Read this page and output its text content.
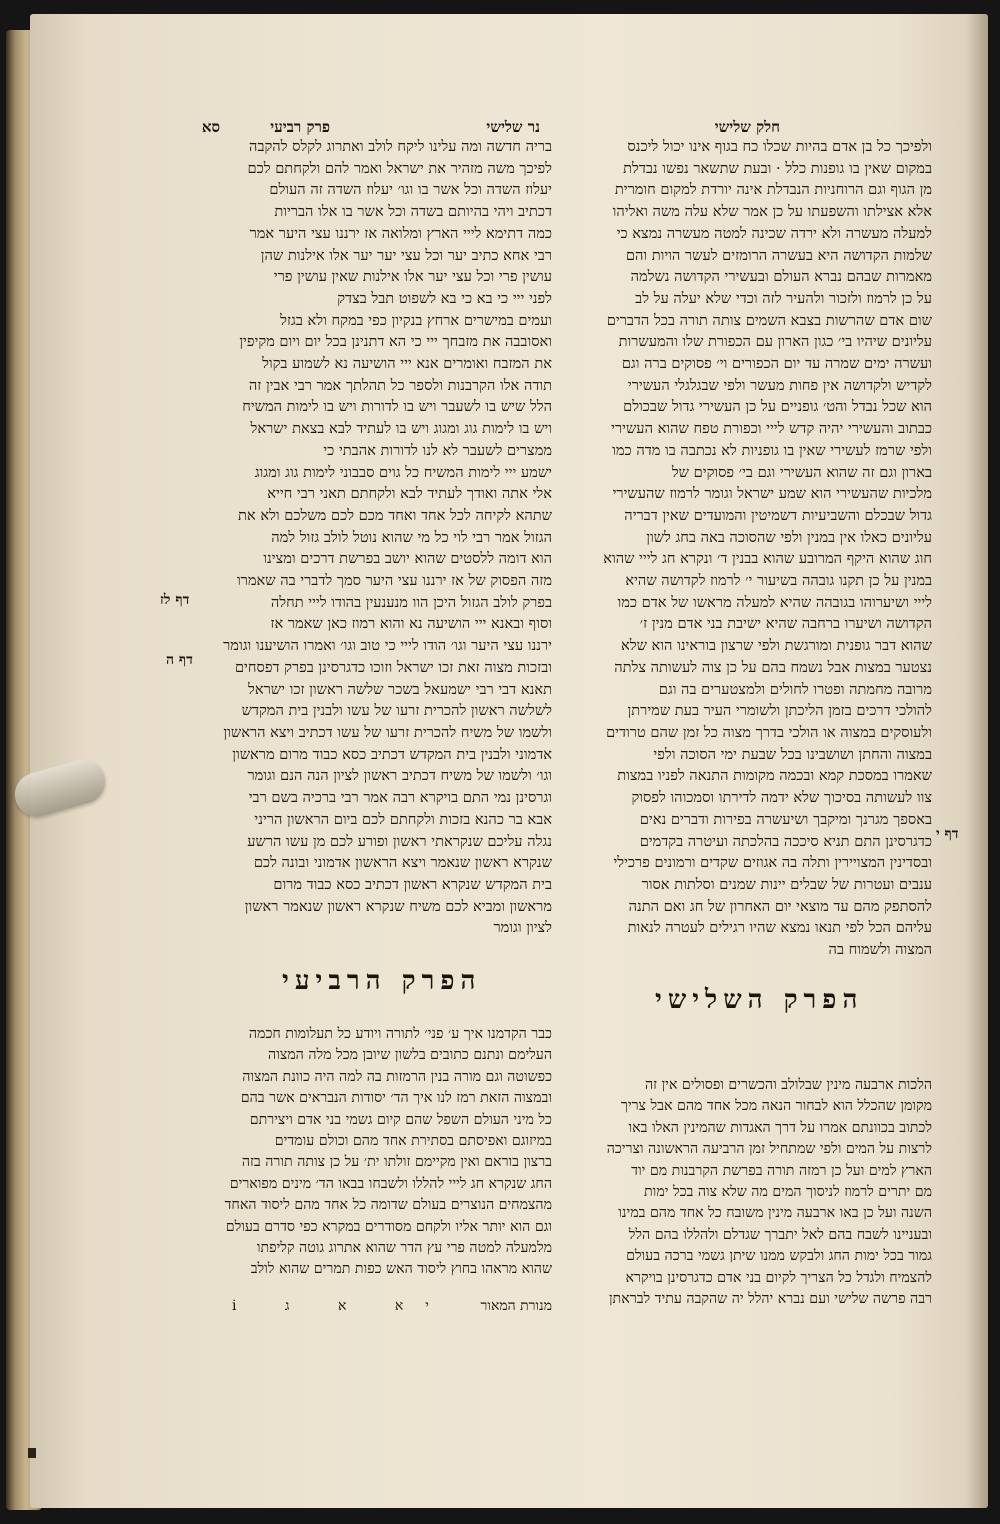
חלק שלישי
נר שלישי
פרק רביעי
סא
ולפיכך כל בן אדם בהיות שכלו כח בגוף אינו יכול ליכנס
במקום שאין בו גופנות כלל · ובעת שתשאר נפשו נבדלת
מן הגוף וגם הרוחניות הנבדלת אינה יורדת למקום חומרית
אלא אצילתו והשפעתו על כן אמר שלא עלה משה ואליהו
למעלה מעשרה ולא ירדה שכינה למטה מעשרה נמצא כי
שלמות הקדושה היא בעשרה הרומזים לעשר הויות והם
מאמרות שבהם נברא העולם ובעשירי הקדושה נשלמה
על כן לרמוז ולזכור ולהעיר לזה וכדי שלא יעלה על לב
שום אדם שהרשות בצבא השמים צותה תורה בכל הדברים
עליונים שיהיו בי׳ כגון הארון עם הכפורת שלו והמעשרות
ועשרה ימים שמרה עד יום הכפורים וי׳ פסוקים ברה וגם
לקדיש ולקדושה אין פחות מעשר ולפי שבגלגלי העשירי
הוא שכל נבדל והט׳ גופניים על כן העשירי גדול שבכולם
כבתוב והעשירי יהיה קדש לייי וכפורת טפח שהוא העשירי
ולפי שרמז לעשירי שאין בו גופניות לא נכתבה בו מדה כמו
בארון וגם זה שהוא העשירי וגם בי׳ פסוקים של
מלכיות שהעשירי הוא שמע ישראל וגומר לרמוז שהעשירי
גדול שבכלם והשביעיות דשמיטין והמועדים שאין דבריה
עליונים כאלו אין במנין ולפי שהסוכה באה בחג לשון
חוג שהוא היקף המרובע שהוא בבנין ד׳ ונקרא חג לייי שהוא
במנין על כן תקנו גובהה בשיעור י׳ לרמוז לקדושה שהיא
לייי ושיערוהו בגובהה שהיא למעלה מראשו של אדם כמו
הקדושה ושיערו ברחבה שהיא ישיבת בני אדם מנין ז׳
שהוא דבר גופנית ומורגשת ולפי שרצון בוראינו הוא שלא
נצטער במצות אבל נשמח בהם על כן צוה לעשותה צלתה
מרובה מחמתה ופטרו לחולים ולמצטערים בה וגם
להולכי דרכים בזמן הליכתן ולשומרי העיר בעת שמירתן
ולעוסקים במצוה או הולכי בדרך מצוה כל זמן שהם טרודים
במצוה והחתן ושושבינו בכל שבעת ימי הסוכה ולפי
שאמרו במסכת קמא ובכמה מקומות התנאה לפניו במצות
צוו לעשותה בסיכוך שלא ידמה לדירתו וסמכוהו לפסוק
באספך מגרנך ומיקבך ושיעשרה בפירות ודברים נאים
כדגרסינן התם תניא סיככה בהלכתה ועיטרה בקדמים
ובסדינין המצויירין ותלה בה אגוזים שקדים ורמונים פרכילי
ענבים ועטרות של שבלים יינות שמנים וסלתות אסור
להסתפק מהם עד מוצאי יום האחרון של חג ואם התנה
עליהם הכל לפי תנאו נמצא שהיו רגילים לעטרה לנאות
המצוה ולשמוח בה
בריה חדשה ומה עלינו ליקח לולב ואתרוג לקלס להקבה
לפיכך משה מזהיר את ישראל ואמר להם ולקחתם לכם
יעלוז השדה וכל אשר בו וגו׳ יעלוז השדה זה העולם
דכתיב ויהי בהיותם בשדה וכל אשר בו אלו הבריות
כמה דתימא לייי הארץ ומלואה אז ירננו עצי היער אמר
רבי אחא כתיב יער וכל עצי יער יער אלו אילנות שהן
עושין פרי וכל עצי יער אלו אילנות שאין עושין פרי
לפני ייי כי בא כי בא לשפוט תבל בצדק
ועמים במישרים ארחץ בנקיון כפי במקח ולא בגזל
ואסובבה את מזבחך ייי כי הא דתנינן בכל יום ויום מקיפין
את המזבח ואומרים אנא ייי הושיעה נא לשמוע בקול
תודה אלו הקרבנות ולספר כל תהלתך אמר רבי אבין זה
הלל שיש בו לשעבר ויש בו לדורות ויש בו לימות המשיח
ויש בו לימות גוג ומגוג ויש בו לעתיד לבא בצאת ישראל
ממצרים לשעבר לא לנו לדורות אהבתי כי
ישמע ייי לימות המשיח כל גוים סבבוני לימות גוג ומגוג
אלי אתה ואודך לעתיד לבא ולקחתם תאני רבי חייא
שתהא לקיחה לכל אחד ואחד מכם לכם משלכם ולא את
הגזול אמר רבי לוי כל מי שהוא נוטל לולב גזול למה
הוא דומה ללסטים שהוא יושב בפרשת דרכים ומצינו
מזה הפסוק של אז ירננו עצי היער סמך לדברי בה שאמרו
בפרק לולב הגזול היכן הוו מנענעין בהודו לייי תחלה
וסוף ובאנא ייי הושיעה נא והוא רמוז כאן שאמר אז
ירננו עצי היער וגו׳ הודו לייי כי טוב וגו׳ ואמרו הושיענו וגומר
ובזכות מצוה זאת זכו ישראל וזוכו כדגרסינן בפרק דפסחים
תאנא דבי רבי ישמעאל בשכר שלשה ראשון זכו ישראל
לשלשה ראשון להכרית זרעו של עשו ולבנין בית המקדש
ולשמו של משיח להכרית זרעו של עשו דכתיב ויצא הראשון
אדמוני ולבנין בית המקדש דכתיב כסא כבוד מרום מראשון
וגו׳ ולשמו של משיח דכתיב ראשון לציון הנה הנם וגומר
וגרסינן נמי התם בויקרא רבה אמר רבי ברכיה בשם רבי
אבא בר כהנא בזכות ולקחתם לכם ביום הראשון הריני
נגלה עליכם שנקראתי ראשון ופורע לכם מן עשו הרשע
שנקרא ראשון שנאמר ויצא הראשון אדמוני ובונה לכם
בית המקדש שנקרא ראשון דכתיב כסא כבוד מרום
מראשון ומביא לכם משיח שנקרא ראשון שנאמר ראשון
לציון וגומר
הפרק השלישי
הפרק הרביעי
הלכות ארבעה מינין שבלולב והכשרים ופסולים אין זה
מקומן שהכלל הוא לבחור הנאה מכל אחד מהם אבל צריך
לכתוב בכוונתם אמרו על דרך האגדות שהמינין האלו באו
לרצות על המים ולפי שמתחיל זמן הרביעה הראשונה וצריכה
הארץ למים ועל כן רמזה תורה בפרשת הקרבנות מם יוד
מם יתרים לרמוז לניסוך המים מה שלא צוה בכל ימות
השנה ועל כן באו ארבעה מינין משובח כל אחד מהם במינו
ובעניינו לשבח בהם לאל יתברך שגדלם ולהללו בהם הלל
גמור בכל ימות החג ולבקש ממנו שיתן גשמי ברכה בעולם
להצמיח ולגדל כל הצריך לקיום בני אדם כדגרסינן בויקרא
רבה פרשה שלישי ועם נברא יהלל יה שהקבה עתיד לבראתן
כבר הקדמנו איך ע׳ פני׳ לתורה ויודע כל תעלומות חכמה
העלימם ונתנם כתובים בלשון שיובן מכל מלה המצוה
כפשוטה וגם מורה בנין הרמזות בה למה היה כוונת המצוה
ובמצוה הזאת רמז לנו איך הד׳ יסודות הנבראים אשר בהם
כל מיני העולם השפל שהם קיום גשמי בני אדם ויצירתם
במיזוגם ואפיסתם בסתירת אחד מהם וכולם עומדים
ברצון בוראם ואין מקיימם זולתו ית׳ על כן צותה תורה בזה
החג שנקרא חג לייי להללו ולשבחו בבאו הד׳ מינים מפוארים
מהצמחים הנוצרים בעולם שדומה כל אחד מהם ליסוד האחד
וגם הוא יותר אליו ולקחם מסודרים במקרא כפי סדרם בעולם
מלמעלה למטה פרי עץ הדר שהוא אתרוג גוטה קליפתו
שהוא מראהו בחוץ ליסוד האש כפות תמרים שהוא לולב
דף לז
דף ה
דף י
יא א ג i מנורת המאור
